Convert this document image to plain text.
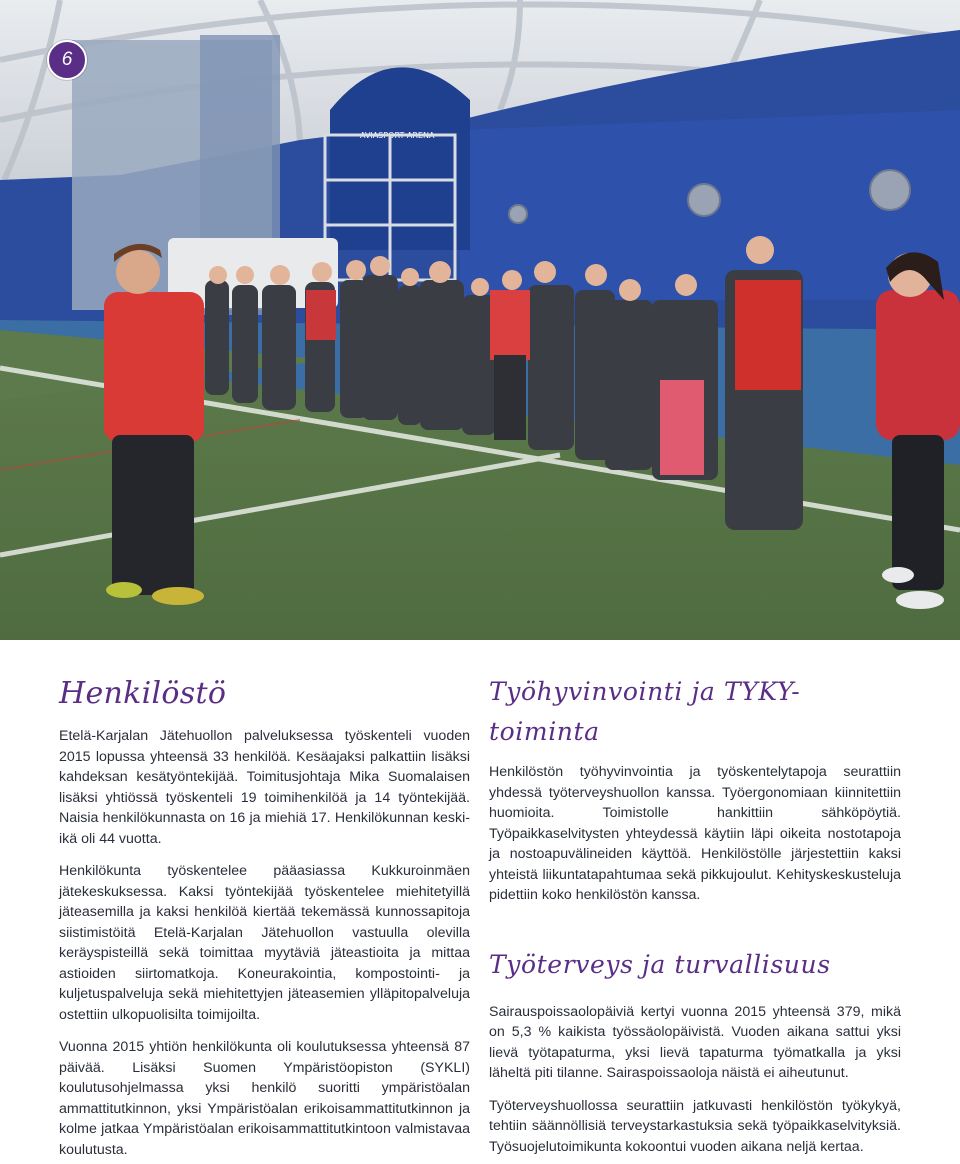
AVIASPORT ARENA
6
Henkilöstö

Etelä-Karjalan Jätehuollon palveluksessa työskenteli vuoden 2015 lopussa yhteensä 33 henkilöä. Kesäajaksi palkattiin lisäksi kahdeksan kesätyöntekijää. Toimitusjohtaja Mika Suomalaisen lisäksi yhtiössä työskenteli 19 toimihenkilöä ja 14 työntekijää. Naisia henkilökunnasta on 16 ja miehiä 17. Henkilökunnan keski-ikä oli 44 vuotta.

Henkilökunta työskentelee pääasiassa Kukkuroinmäen jätekeskuksessa. Kaksi työntekijää työskentelee miehitetyillä jäteasemilla ja kaksi henkilöä kiertää tekemässä kunnossapitoja siistimistöitä Etelä-Karjalan Jätehuollon vastuulla olevilla keräyspisteillä sekä toimittaa myytäviä jäteastioita ja mittaa astioiden siirtomatkoja. Koneurakointia, kompostointi- ja kuljetuspalveluja sekä miehitettyjen jäteasemien ylläpitopalveluja ostettiin ulkopuolisilta toimijoilta.

Vuonna 2015 yhtiön henkilökunta oli koulutuksessa yhteensä 87 päivää. Lisäksi Suomen Ympäristöopiston (SYKLI) koulutusohjelmassa yksi henkilö suoritti ympäristöalan ammattitutkinnon, yksi Ympäristöalan erikoisammattitutkinnon ja kolme jatkaa Ympäristöalan erikoisammattitutkintoon valmistavaa koulutusta.

Työhyvinvointi ja TYKY-toiminta

Henkilöstön työhyvinvointia ja työskentelytapoja seurattiin yhdessä työterveyshuollon kanssa. Työergonomiaan kiinnitettiin huomioita. Toimistolle hankittiin sähköpöytiä. Työpaikkaselvitysten yhteydessä käytiin läpi oikeita nostotapoja ja nostoapuvälineiden käyttöä. Henkilöstölle järjestettiin kaksi yhteistä liikuntatapahtumaa sekä pikkujoulut. Kehityskeskusteluja pidettiin koko henkilöstön kanssa.

Työterveys ja turvallisuus

Sairauspoissaolopäiviä kertyi vuonna 2015 yhteensä 379, mikä on 5,3 % kaikista työssäolopäivistä. Vuoden aikana sattui yksi lievä työtapaturma, yksi lievä tapaturma työmatkalla ja yksi läheltä piti tilanne. Sairaspoissaoloja näistä ei aiheutunut.

Työterveyshuollossa seurattiin jatkuvasti henkilöstön työkykyä, tehtiin säännöllisiä terveystarkastuksia sekä työpaikkaselvityksiä. Työsuojelutoimikunta kokoontui vuoden aikana neljä kertaa.
